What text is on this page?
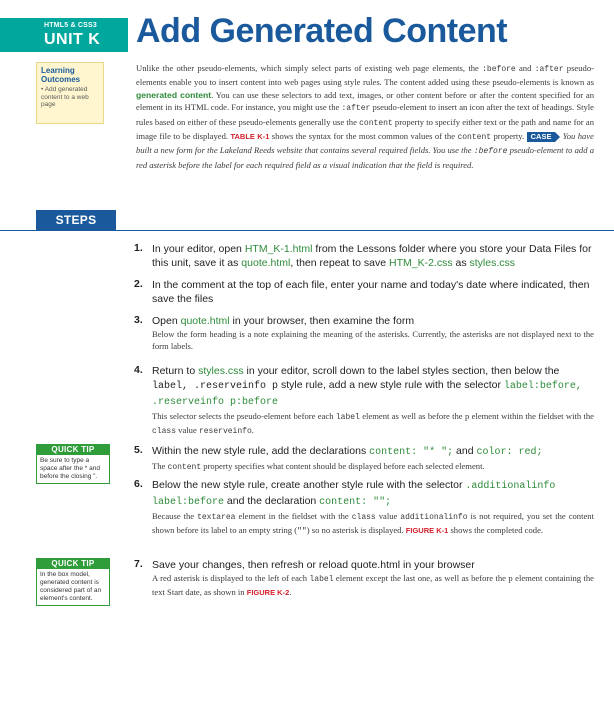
HTML5 & CSS3
UNIT K Add Generated Content
Learning
Outcomes
• Add generated content to a web page
Unlike the other pseudo-elements, which simply select parts of existing web page elements, the :before and :after pseudo-elements enable you to insert content into web pages using style rules. The content added using these pseudo-elements is known as generated content. You can use these selectors to add text, images, or other content before or after the content specified for an element in its HTML code. For instance, you might use the :after pseudo-element to insert an icon after the text of headings. Style rules based on either of these pseudo-elements generally use the content property to specify either text or the path and name for an image file to be displayed. TABLE K-1 shows the syntax for the most common values of the content property. CASE   You have built a new form for the Lakeland Reeds website that contains several required fields. You use the :before pseudo-element to add a red asterisk before the label for each required field as a visual indication that the field is required.
STEPS
1. In your editor, open HTM_K-1.html from the Lessons folder where you store your Data Files for this unit, save it as quote.html, then repeat to save HTM_K-2.css as styles.css
2. In the comment at the top of each file, enter your name and today's date where indicated, then save the files
3. Open quote.html in your browser, then examine the form
Below the form heading is a note explaining the meaning of the asterisks. Currently, the asterisks are not displayed next to the form labels.
4. Return to styles.css in your editor, scroll down to the label styles section, then below the label, .reserveinfo p style rule, add a new style rule with the selector label:before, .reserveinfo p:before
This selector selects the pseudo-element before each label element as well as before the p element within the fieldset with the class value reserveinfo.
5. Within the new style rule, add the declarations content: "* "; and color: red;
The content property specifies what content should be displayed before each selected element.
6. Below the new style rule, create another style rule with the selector .additionalinfo label:before and the declaration content: "";
Because the textarea element in the fieldset with the class value additionalinfo is not required, you set the content shown before its label to an empty string ("") so no asterisk is displayed. FIGURE K-1 shows the completed code.
7. Save your changes, then refresh or reload quote.html in your browser
A red asterisk is displayed to the left of each label element except the last one, as well as before the p element containing the text Start date, as shown in FIGURE K-2.
QUICK TIP
Be sure to type a space after the * and before the closing ".
QUICK TIP
In the box model, generated content is considered part of an element's content.
